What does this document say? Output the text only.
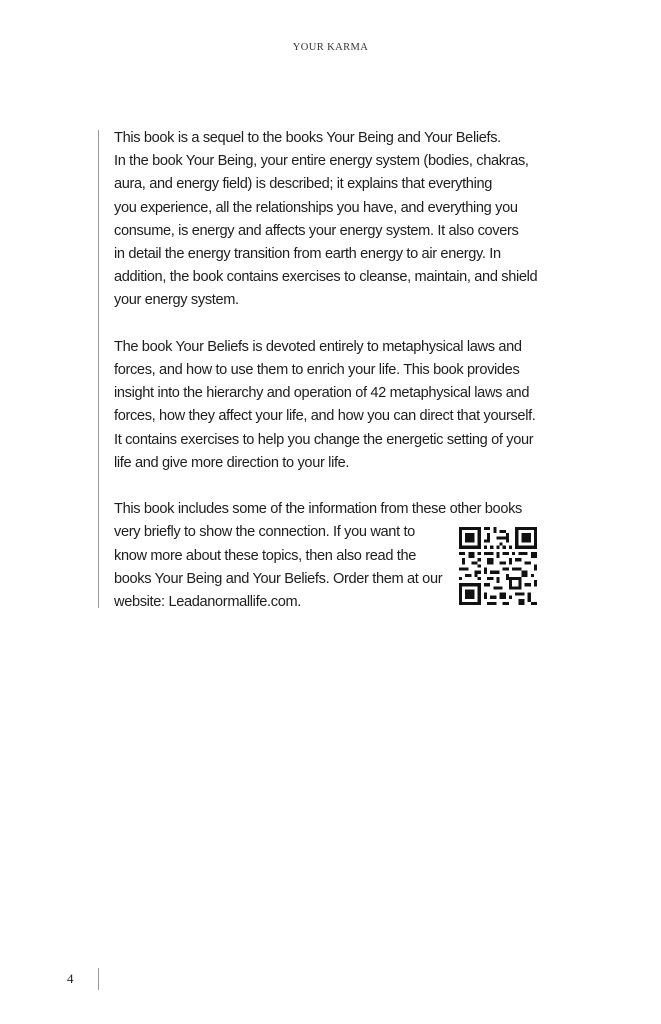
YOUR KARMA

This book is a sequel to the books Your Being and Your Beliefs.
In the book Your Being, your entire energy system (bodies, chakras,
aura, and energy field) is described; it explains that everything
you experience, all the relationships you have, and everything you
consume, is energy and affects your energy system. It also covers
in detail the energy transition from earth energy to air energy. In
addition, the book contains exercises to cleanse, maintain, and shield
your energy system.

The book Your Beliefs is devoted entirely to metaphysical laws and
forces, and how to use them to enrich your life. This book provides
insight into the hierarchy and operation of 42 metaphysical laws and
forces, how they affect your life, and how you can direct that yourself.
It contains exercises to help you change the energetic setting of your
life and give more direction to your life.

This book includes some of the information from these other books
very briefly to show the connection. If you want to
know more about these topics, then also read the
books Your Being and Your Beliefs. Order them at our
website: Leadanormallife.com.

4
